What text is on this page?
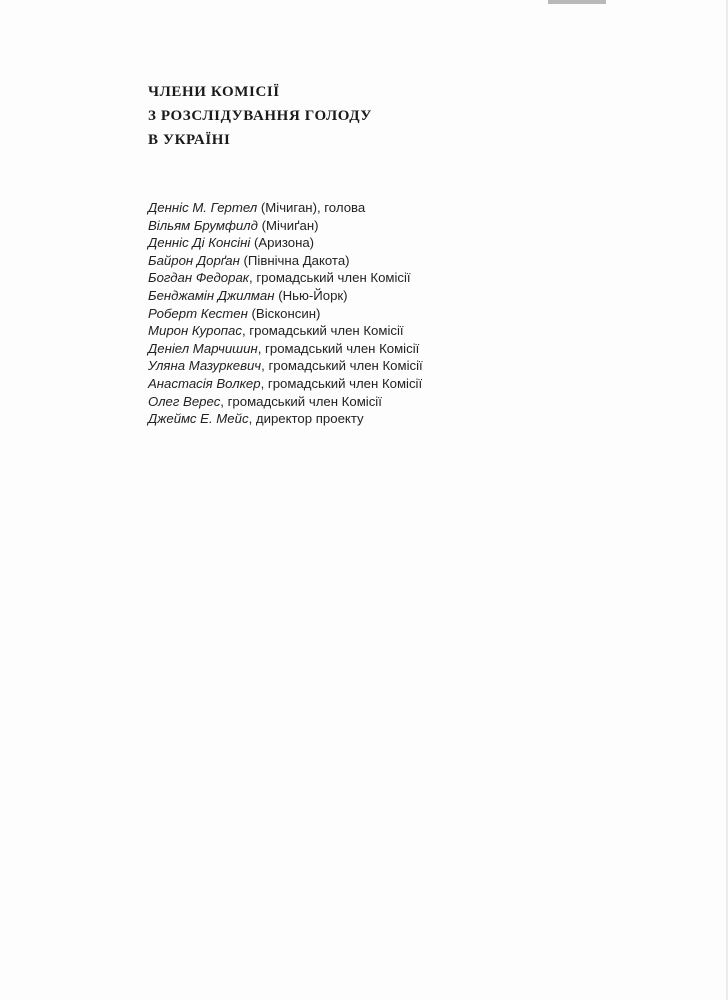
ЧЛЕНИ КОМІСІЇ
З РОЗСЛІДУВАННЯ ГОЛОДУ
В УКРАЇНІ
Денніс М. Гертел (Мічиган), голова
Вільям Брумфилд (Мічиґан)
Денніс Ді Консіні (Аризона)
Байрон Дорґан (Північна Дакота)
Богдан Федорак, громадський член Комісії
Бенджамін Джилман (Нью-Йорк)
Роберт Кестен (Вісконсин)
Мирон Куропас, громадський член Комісії
Деніел Марчишин, громадський член Комісії
Уляна Мазуркевич, громадський член Комісії
Анастасія Волкер, громадський член Комісії
Олег Верес, громадський член Комісії
Джеймс Е. Мейс, директор проекту
